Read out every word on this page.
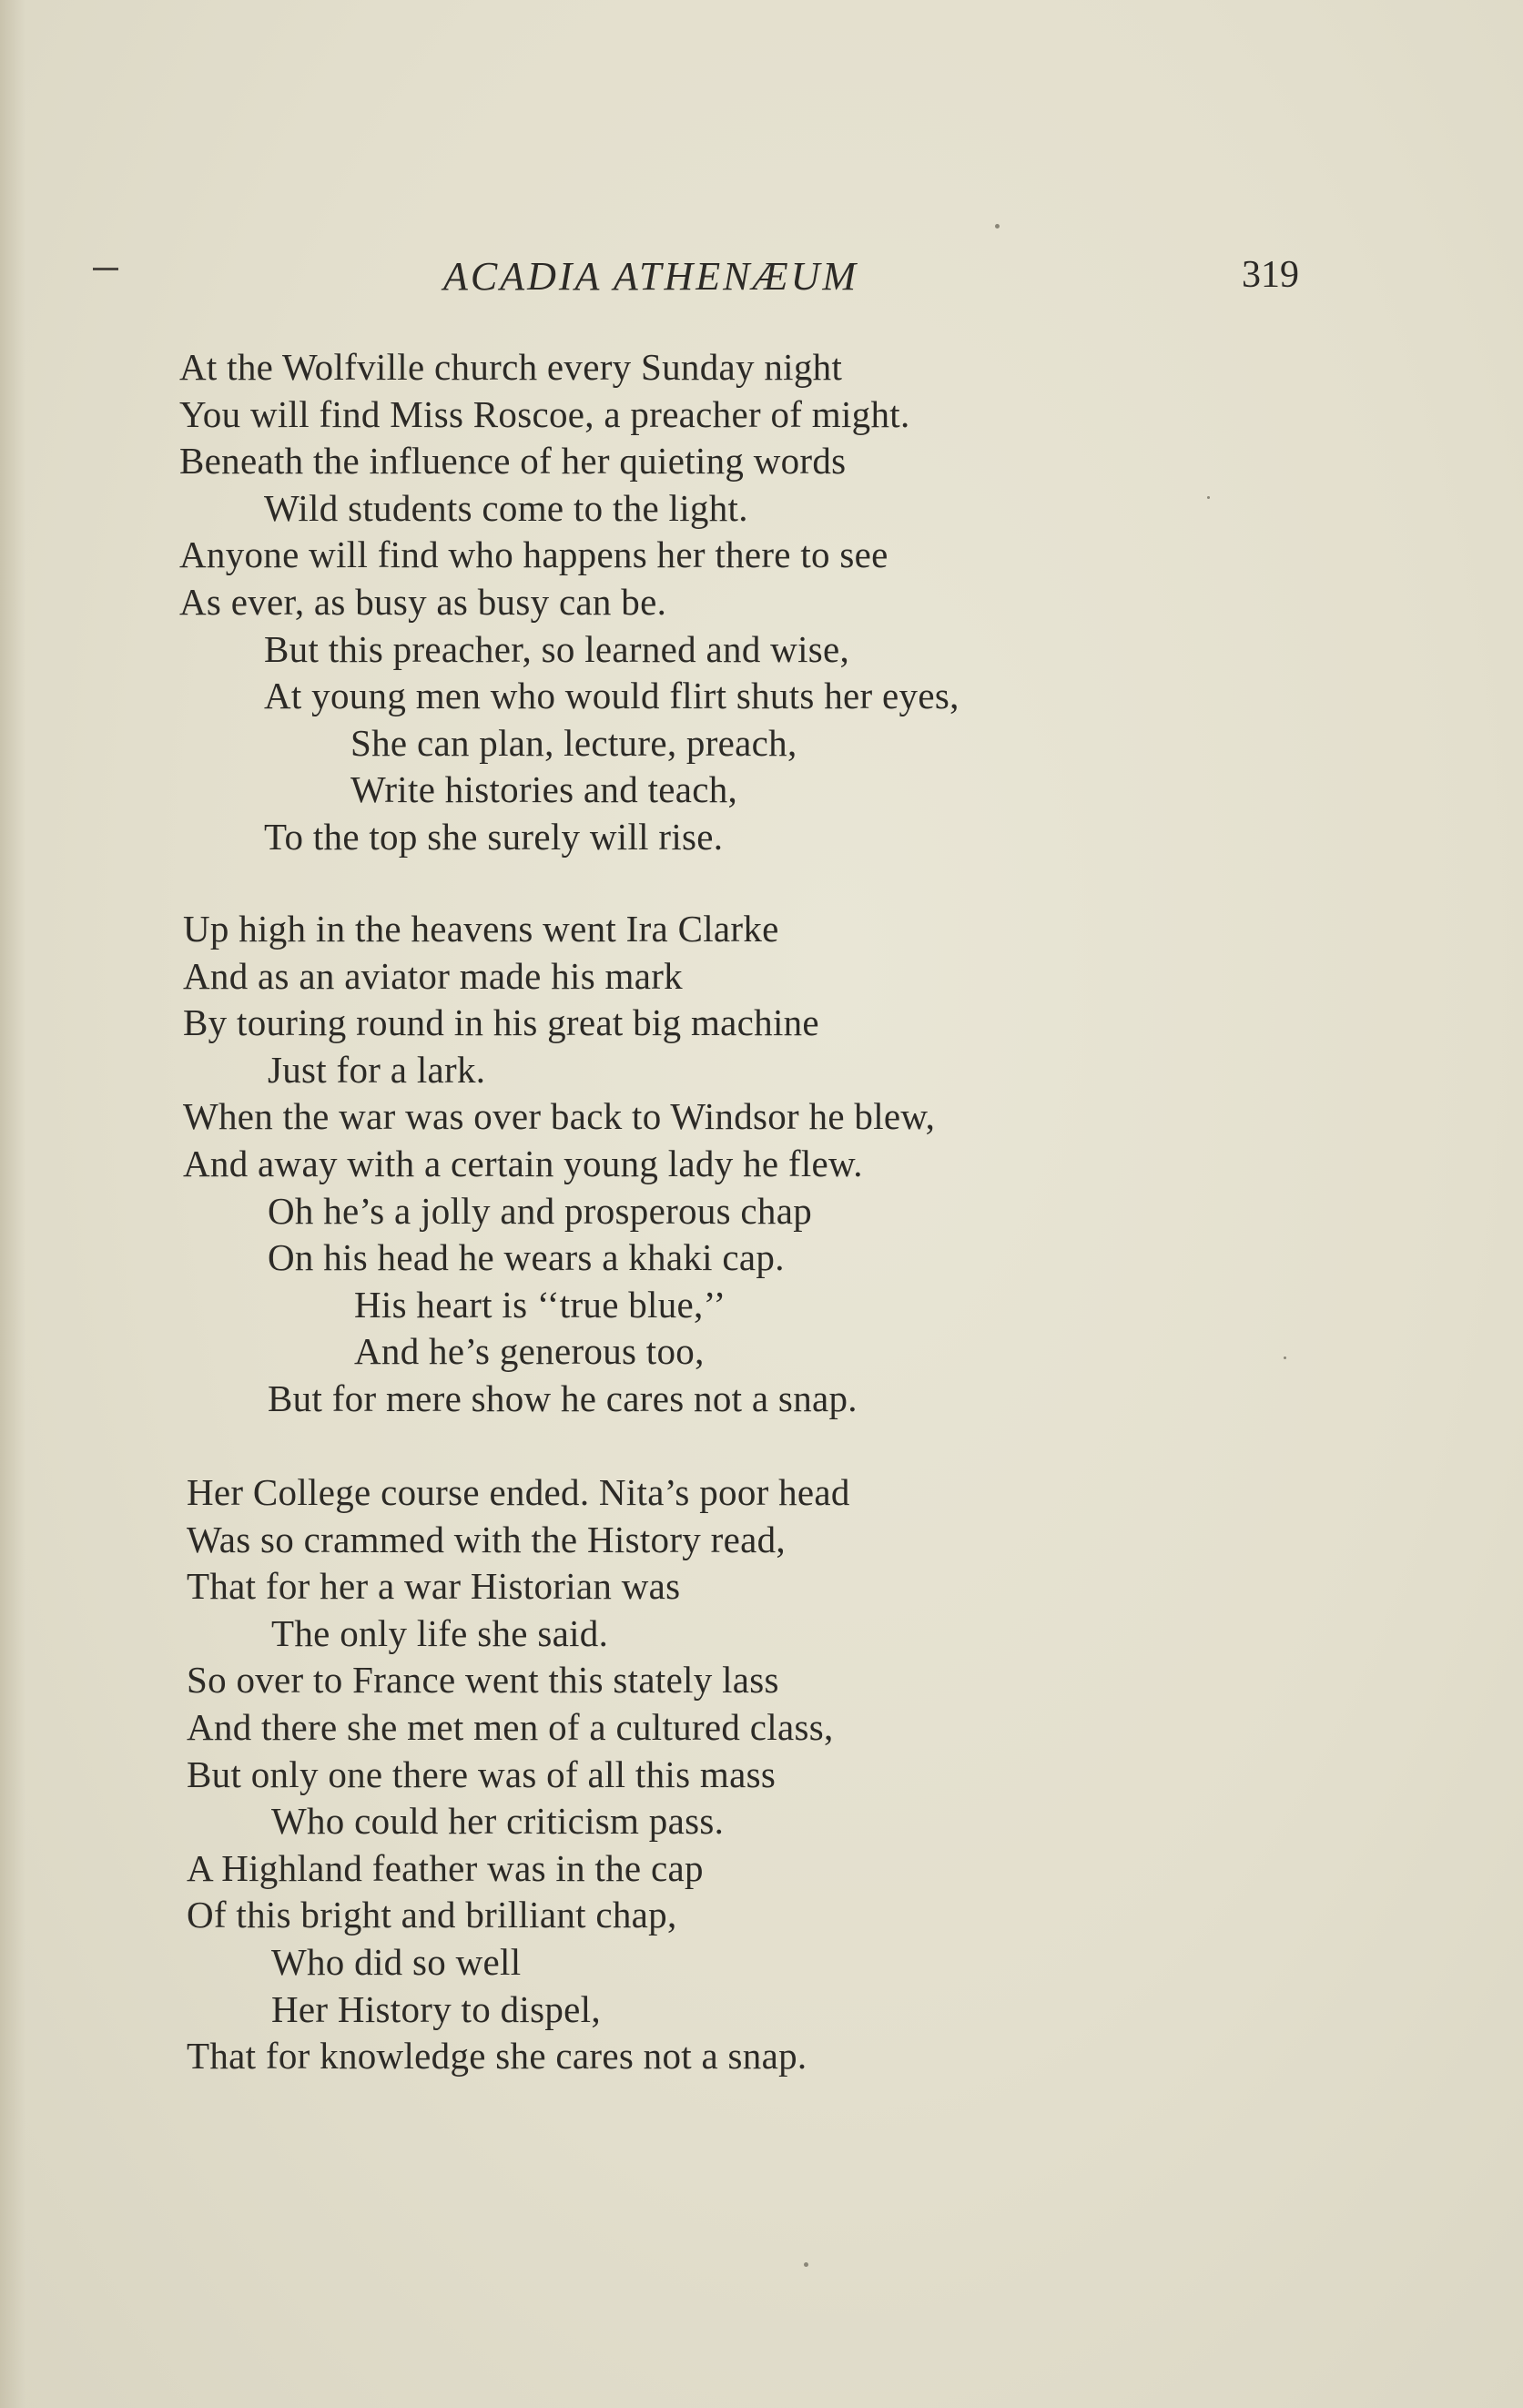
ACADIA ATHENÆUM	319
At the Wolfville church every Sunday night
You will find Miss Roscoe, a preacher of might.
Beneath the influence of her quieting words
Wild students come to the light.
Anyone will find who happens her there to see
As ever, as busy as busy can be.
But this preacher, so learned and wise,
At young men who would flirt shuts her eyes,
She can plan, lecture, preach,
Write histories and teach,
To the top she surely will rise.
Up high in the heavens went Ira Clarke
And as an aviator made his mark
By touring round in his great big machine
Just for a lark.
When the war was over back to Windsor he blew,
And away with a certain young lady he flew.
Oh he’s a jolly and prosperous chap
On his head he wears a khaki cap.
His heart is ‘‘true blue,’’
And he’s generous too,
But for mere show he cares not a snap.
Her College course ended. Nita’s poor head
Was so crammed with the History read,
That for her a war Historian was
The only life she said.
So over to France went this stately lass
And there she met men of a cultured class,
But only one there was of all this mass
Who could her criticism pass.
A Highland feather was in the cap
Of this bright and brilliant chap,
Who did so well
Her History to dispel,
That for knowledge she cares not a snap.
